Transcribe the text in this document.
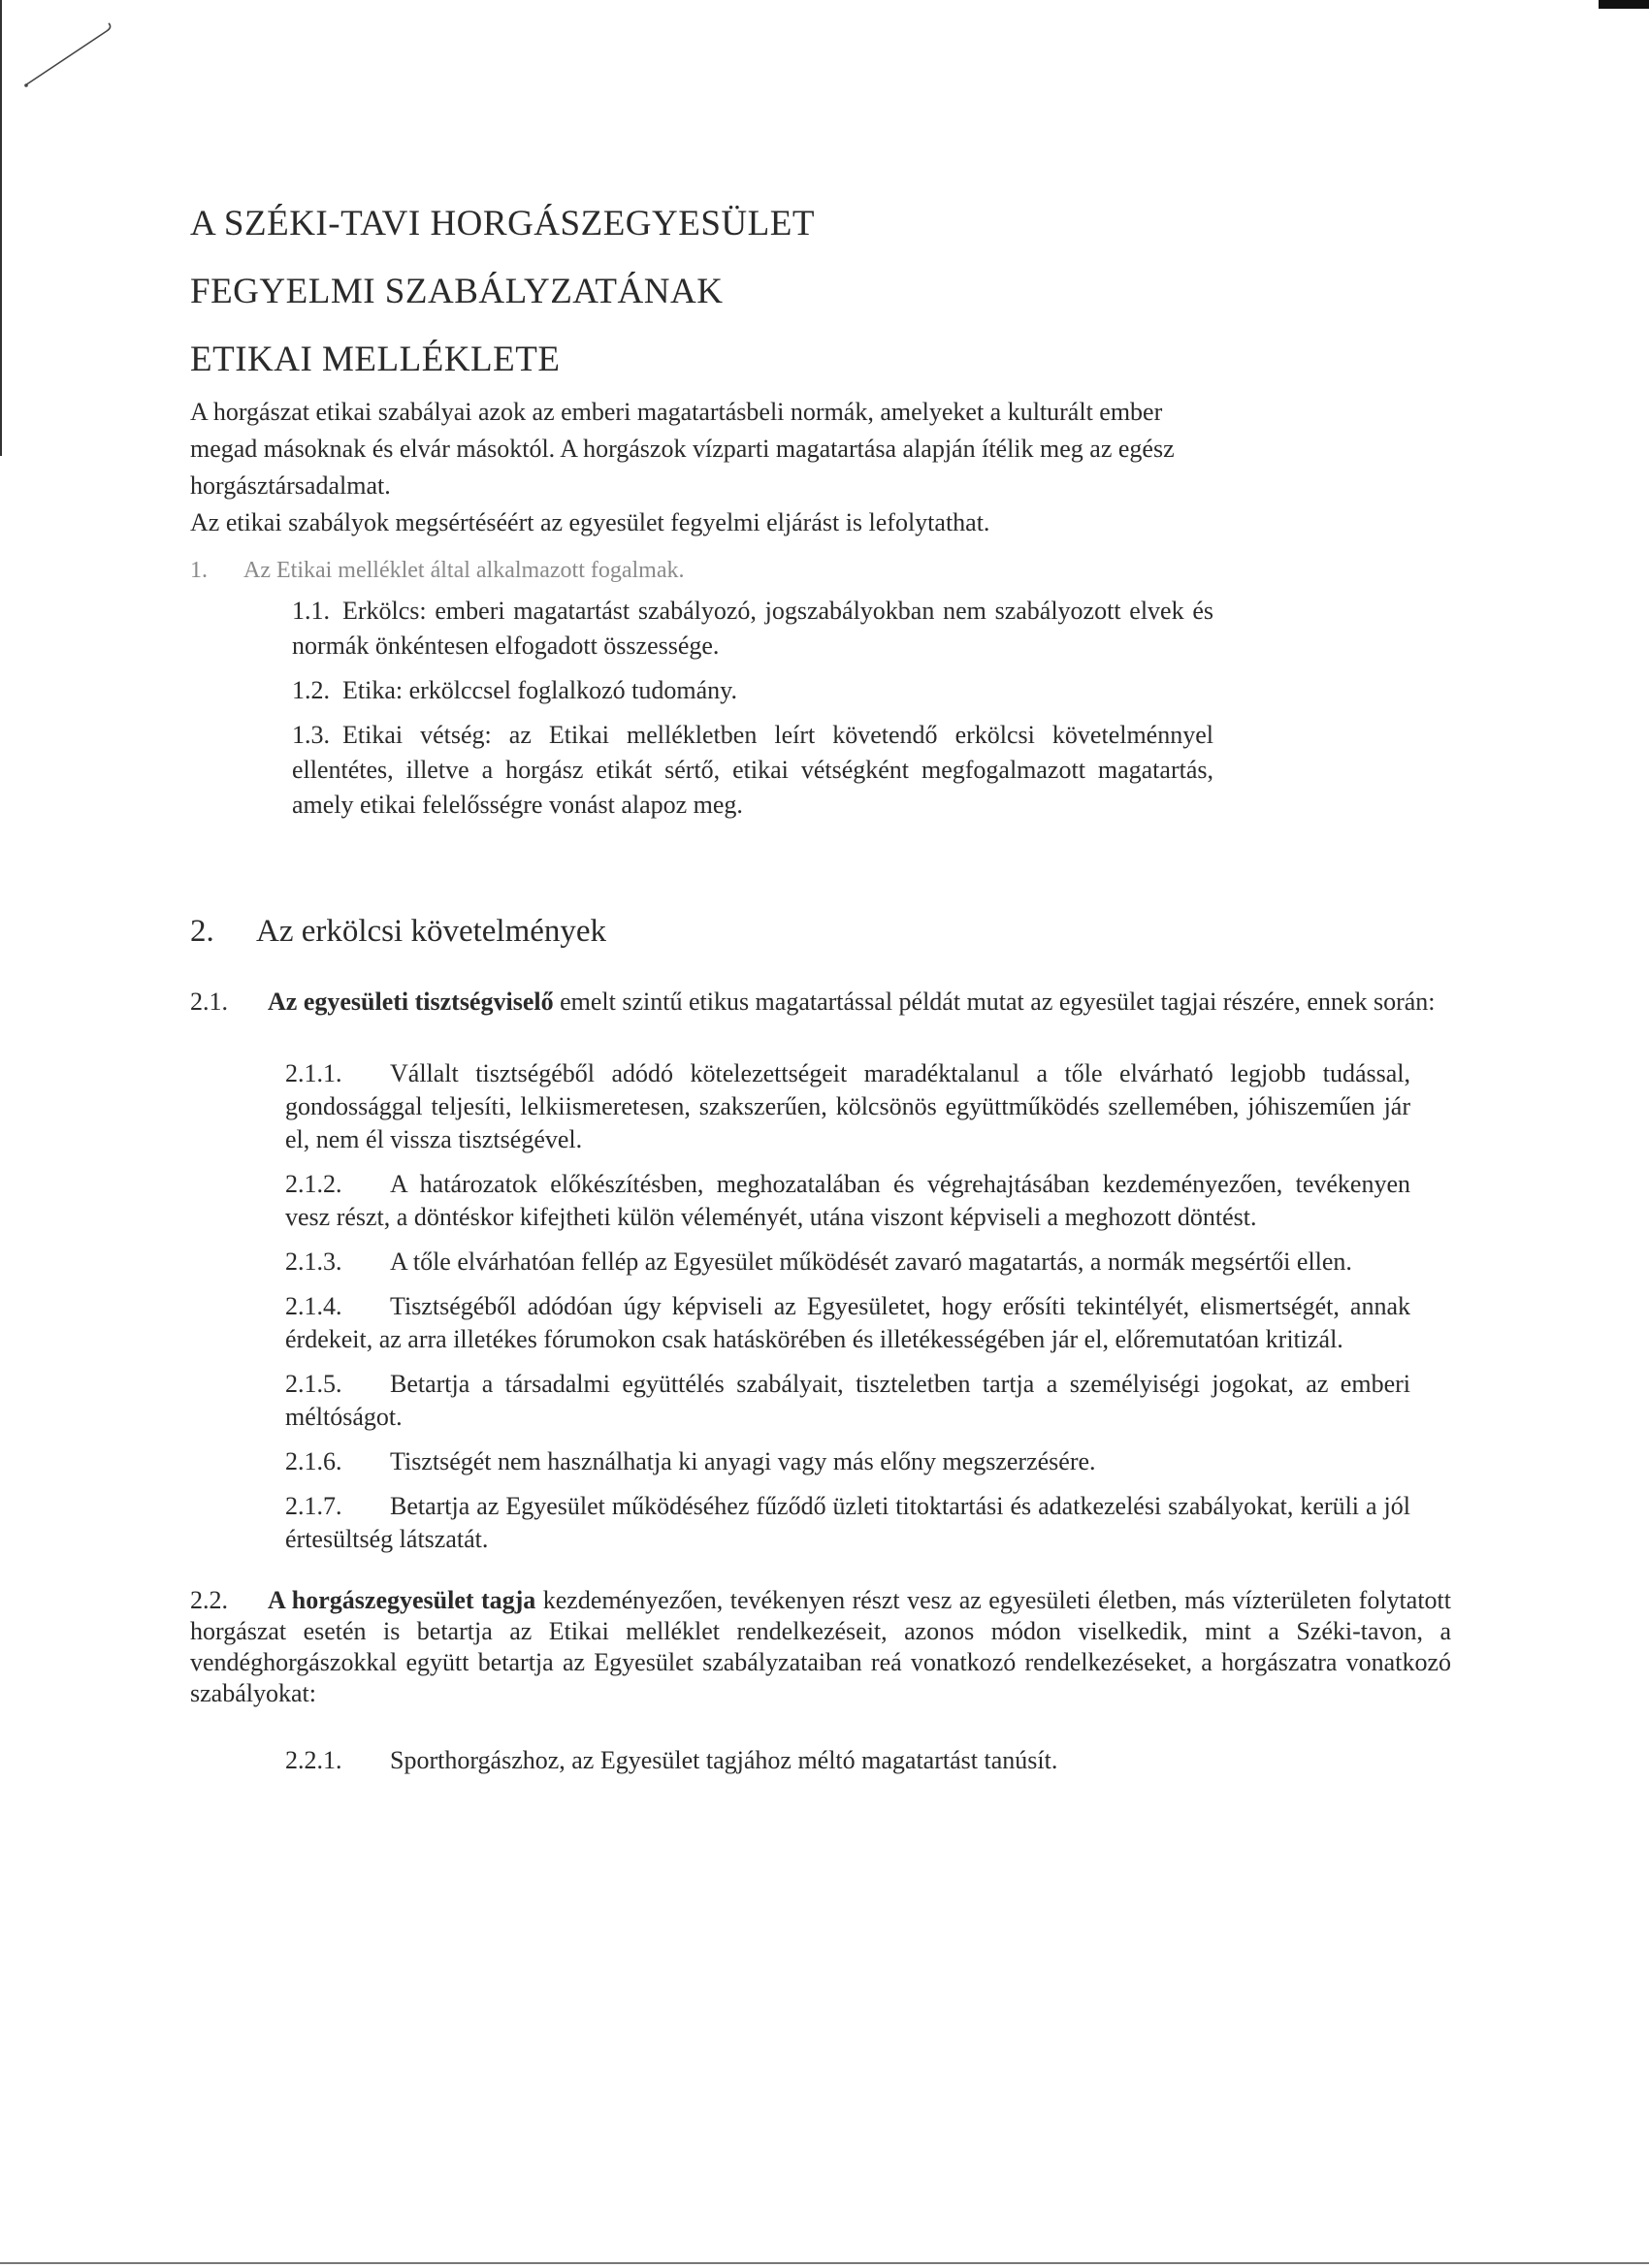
A SZÉKI-TAVI HORGÁSZEGYESÜLET
FEGYELMI SZABÁLYZATÁNAK
ETIKAI MELLÉKLETE

A horgászat etikai szabályai azok az emberi magatartásbeli normák, amelyeket a kulturált ember megad másoknak és elvár másoktól. A horgászok vízparti magatartása alapján ítélik meg az egész horgásztársadalmat.

Az etikai szabályok megsértéséért az egyesület fegyelmi eljárást is lefolytathat.

1. Az Etikai melléklet által alkalmazott fogalmak.

1.1. Erkölcs: emberi magatartást szabályozó, jogszabályokban nem szabályozott elvek és normák önkéntesen elfogadott összessége.

1.2. Etika: erkölccsel foglalkozó tudomány.

1.3. Etikai vétség: az Etikai mellékletben leírt követendő erkölcsi követelménnyel ellentétes, illetve a horgász etikát sértő, etikai vétségként megfogalmazott magatartás, amely etikai felelősségre vonást alapoz meg.

2. Az erkölcsi követelmények

2.1. Az egyesületi tisztségviselő emelt szintű etikus magatartással példát mutat az egyesület tagjai részére, ennek során:

2.1.1. Vállalt tisztségéből adódó kötelezettségeit maradéktalanul a tőle elvárható legjobb tudással, gondossággal teljesíti, lelkiismeretesen, szakszerűen, kölcsönös együttműködés szellemében, jóhiszeműen jár el, nem él vissza tisztségével.

2.1.2. A határozatok előkészítésben, meghozatalában és végrehajtásában kezdeményezően, tevékenyen vesz részt, a döntéskor kifejtheti külön véleményét, utána viszont képviseli a meghozott döntést.

2.1.3. A tőle elvárhatóan fellép az Egyesület működését zavaró magatartás, a normák megsértői ellen.

2.1.4. Tisztségéből adódóan úgy képviseli az Egyesületet, hogy erősíti tekintélyét, elismertségét, annak érdekeit, az arra illetékes fórumokon csak hatáskörében és illetékességében jár el, előremutatóan kritizál.

2.1.5. Betartja a társadalmi együttélés szabályait, tiszteletben tartja a személyiségi jogokat, az emberi méltóságot.

2.1.6. Tisztségét nem használhatja ki anyagi vagy más előny megszerzésére.

2.1.7. Betartja az Egyesület működéséhez fűződő üzleti titoktartási és adatkezelési szabályokat, kerüli a jól értesültség látszatát.

2.2. A horgászegyesület tagja kezdeményezően, tevékenyen részt vesz az egyesületi életben, más vízterületen folytatott horgászat esetén is betartja az Etikai melléklet rendelkezéseit, azonos módon viselkedik, mint a Széki-tavon, a vendéghorgászokkal együtt betartja az Egyesület szabályzataiban reá vonatkozó rendelkezéseket, a horgászatra vonatkozó szabályokat:

2.2.1. Sporthorgászhoz, az Egyesület tagjához méltó magatartást tanúsít.
